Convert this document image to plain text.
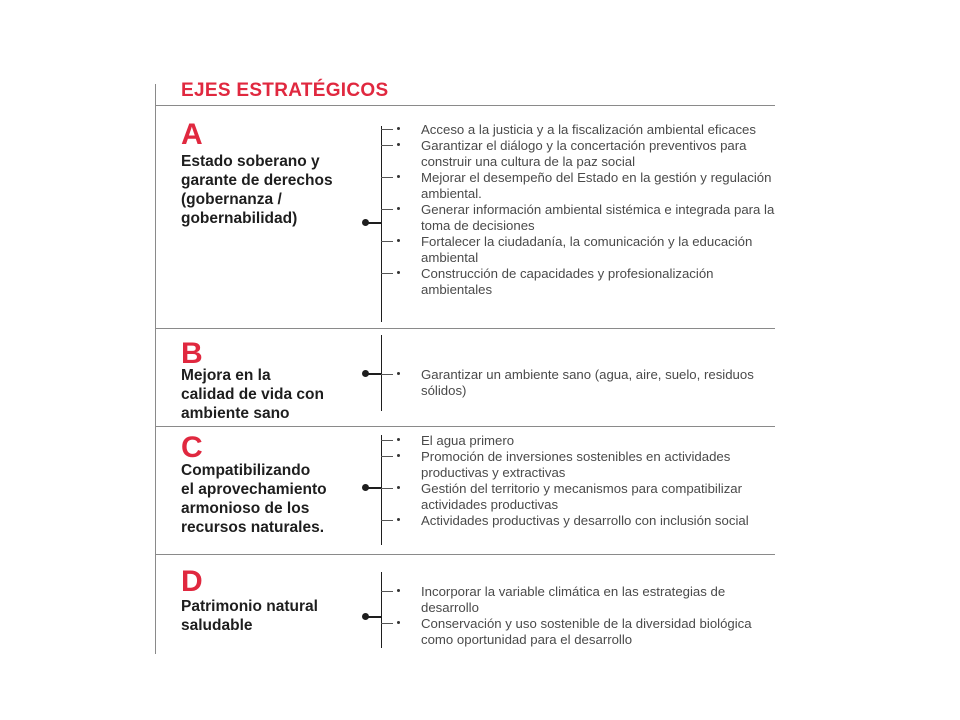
EJES ESTRATÉGICOS
A
Estado soberano y
garante de derechos
(gobernanza /
gobernabilidad)
Acceso a la justicia y a la fiscalización ambiental eficaces
Garantizar el diálogo y la concertación preventivos para construir una cultura de la paz social
Mejorar el desempeño del Estado en la gestión y regulación ambiental.
Generar información ambiental sistémica e integrada para la toma de decisiones
Fortalecer la ciudadanía, la comunicación y la educación ambiental
Construcción de capacidades y profesionalización ambientales
B
Mejora en la
calidad de vida con
ambiente sano
Garantizar un ambiente sano (agua, aire, suelo, residuos sólidos)
C
Compatibilizando
el aprovechamiento
armonioso de los
recursos naturales.
El agua primero
Promoción de inversiones sostenibles en actividades productivas y extractivas
Gestión del territorio y mecanismos para compatibilizar actividades productivas
Actividades productivas y desarrollo con inclusión social
D
Patrimonio natural
saludable
Incorporar la variable climática en las estrategias de desarrollo
Conservación y uso sostenible de la diversidad biológica como oportunidad para el desarrollo
